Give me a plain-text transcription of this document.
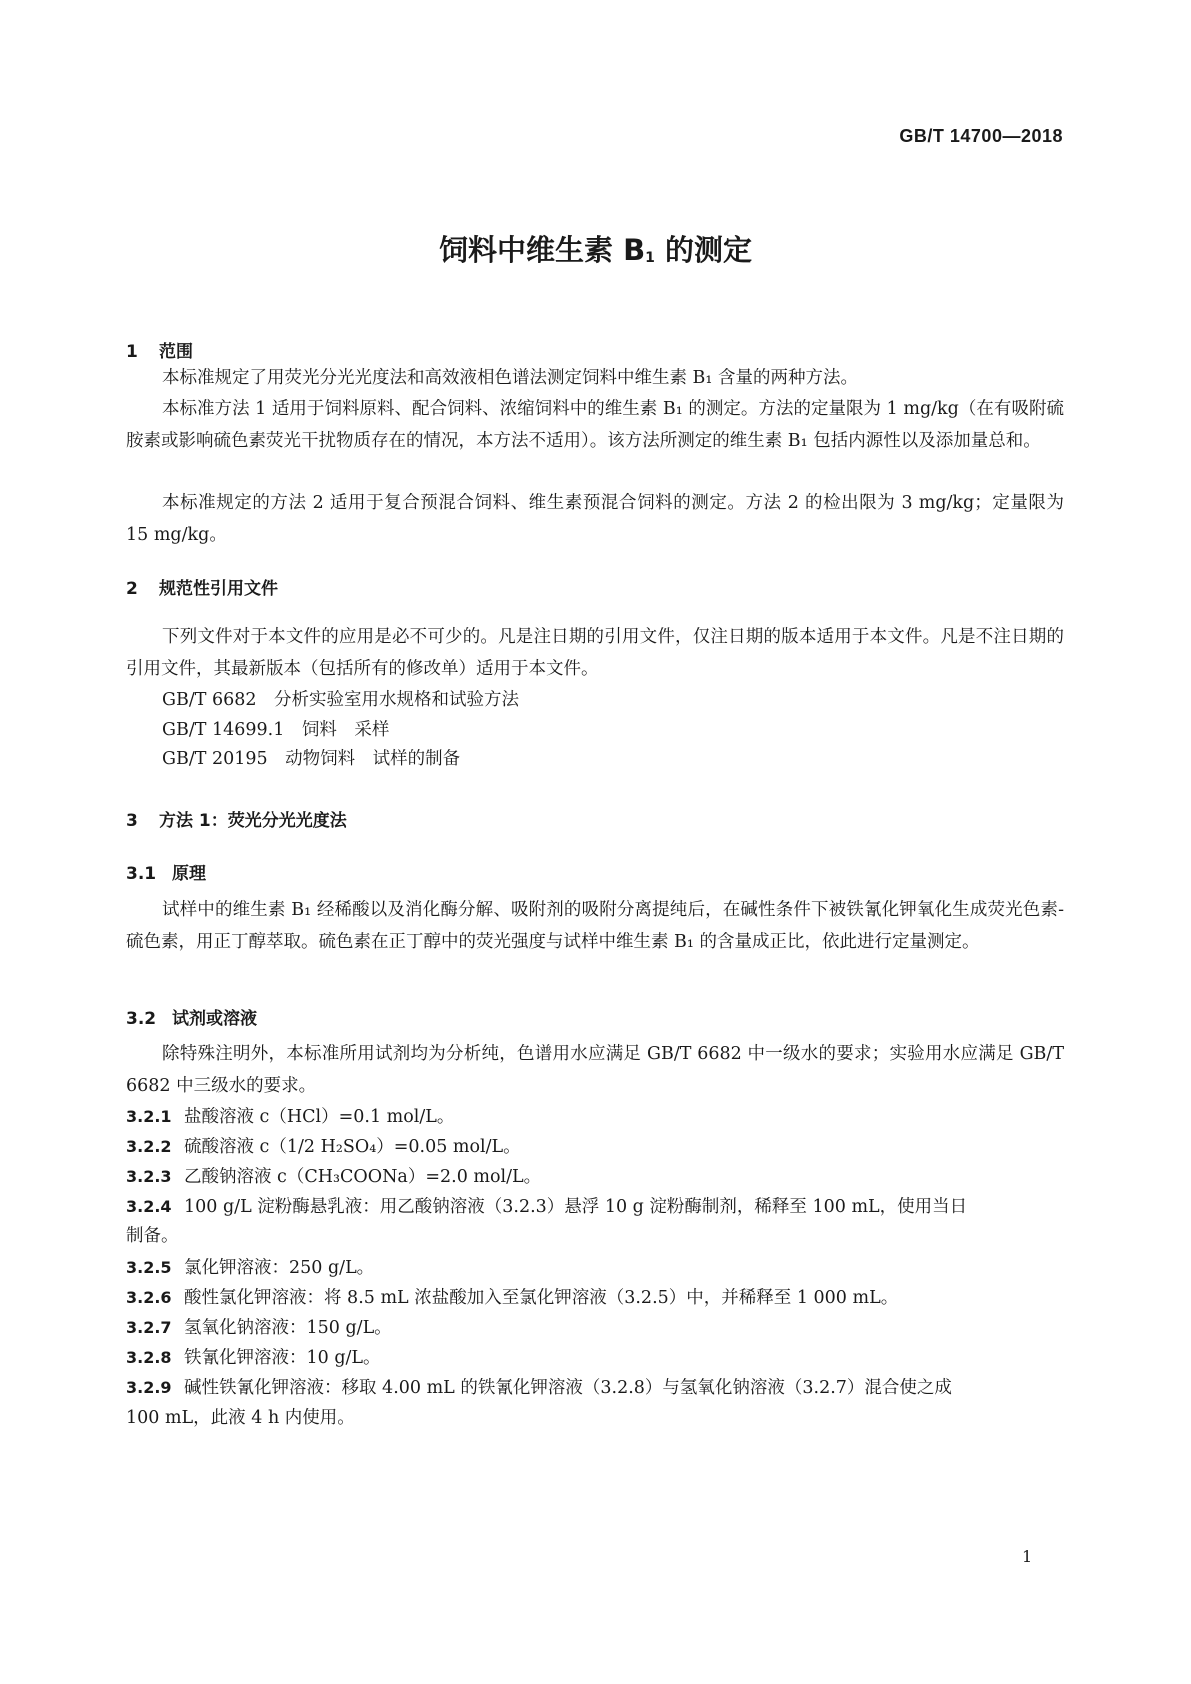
GB/T 14700—2018
饲料中维生素 $B_1$ 的测定
1 范围
本标准规定了用荧光分光光度法和高效液相色谱法测定饲料中维生素 B₁ 含量的两种方法。
本标准方法 1 适用于饲料原料、配合饲料、浓缩饲料中的维生素 B₁ 的测定。方法的定量限为 1 mg/kg（在有吸附硫胺素或影响硫色素荧光干扰物质存在的情况，本方法不适用）。该方法所测定的维生素 B₁ 包括内源性以及添加量总和。
本标准规定的方法 2 适用于复合预混合饲料、维生素预混合饲料的测定。方法 2 的检出限为 3 mg/kg；定量限为 15 mg/kg。
2 规范性引用文件
下列文件对于本文件的应用是必不可少的。凡是注日期的引用文件，仅注日期的版本适用于本文件。凡是不注日期的引用文件，其最新版本（包括所有的修改单）适用于本文件。
GB/T 6682　分析实验室用水规格和试验方法
GB/T 14699.1　饲料　采样
GB/T 20195　动物饲料　试样的制备
3 方法 1：荧光分光光度法
3.1 原理
试样中的维生素 B₁ 经稀酸以及消化酶分解、吸附剂的吸附分离提纯后，在碱性条件下被铁氰化钾氧化生成荧光色素-硫色素，用正丁醇萃取。硫色素在正丁醇中的荧光强度与试样中维生素 B₁ 的含量成正比，依此进行定量测定。
3.2 试剂或溶液
除特殊注明外，本标准所用试剂均为分析纯，色谱用水应满足 GB/T 6682 中一级水的要求；实验用水应满足 GB/T 6682 中三级水的要求。
3.2.1 盐酸溶液 c（HCl）=0.1 mol/L。
3.2.2 硫酸溶液 c（1/2 H₂SO₄）=0.05 mol/L。
3.2.3 乙酸钠溶液 c（CH₃COONa）=2.0 mol/L。
3.2.4 100 g/L 淀粉酶悬乳液：用乙酸钠溶液（3.2.3）悬浮 10 g 淀粉酶制剂，稀释至 100 mL，使用当日
制备。
3.2.5 氯化钾溶液：250 g/L。
3.2.6 酸性氯化钾溶液：将 8.5 mL 浓盐酸加入至氯化钾溶液（3.2.5）中，并稀释至 1 000 mL。
3.2.7 氢氧化钠溶液：150 g/L。
3.2.8 铁氰化钾溶液：10 g/L。
3.2.9 碱性铁氰化钾溶液：移取 4.00 mL 的铁氰化钾溶液（3.2.8）与氢氧化钠溶液（3.2.7）混合使之成
100 mL，此液 4 h 内使用。
1
